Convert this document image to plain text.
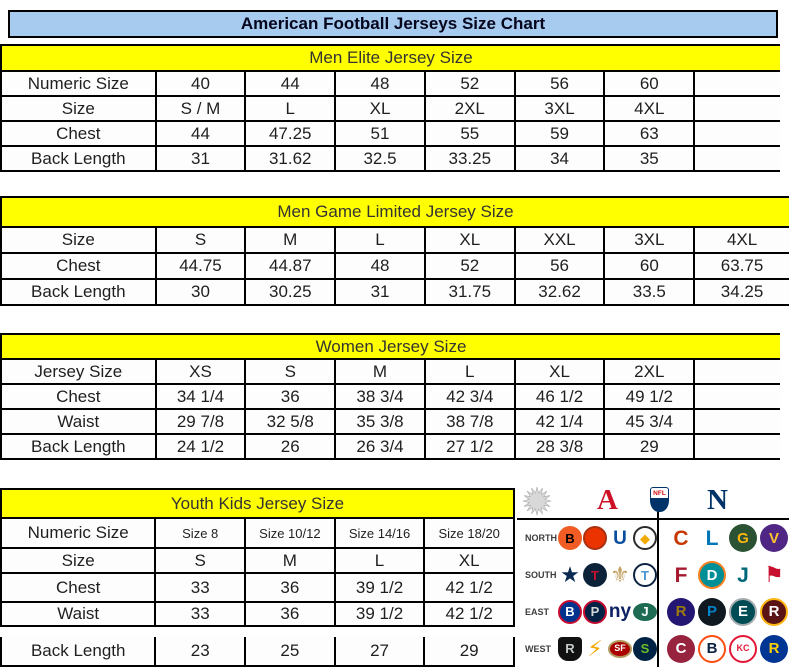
American Football Jerseys Size Chart
Men Elite Jersey Size
Numeric Size	40	44	48	52	56	60
Size	S / M	L	XL	2XL	3XL	4XL
Chest	44	47.25	51	55	59	63
Back Length	31	31.62	32.5	33.25	34	35
Men Game Limited Jersey Size
Size	S	M	L	XL	XXL	3XL	4XL
Chest	44.75	44.87	48	52	56	60	63.75
Back Length	30	30.25	31	31.75	32.62	33.5	34.25
Women Jersey Size
Jersey Size	XS	S	M	L	XL	2XL
Chest	34 1/4	36	38 3/4	42 3/4	46 1/2	49 1/2
Waist	29 7/8	32 5/8	35 3/8	38 7/8	42 1/4	45 3/4
Back Length	24 1/2	26	26 3/4	27 1/2	28 3/8	29
Youth Kids Jersey Size
Numeric Size	Size 8	Size 10/12	Size 14/16	Size 18/20
Size	S	M	L	XL
Chest	33	36	39 1/2	42 1/2
Waist	33	36	39 1/2	42 1/2
Back Length	23	25	27	29
A	NFL N
NORTH B	U	◆	C L	G	V
SOUTH ★ T ⚜ T	F	D J ⚑
EAST	B	P ny J	R	P	E	R
WEST	R ⚡	SF	S	C	B	KC	R
